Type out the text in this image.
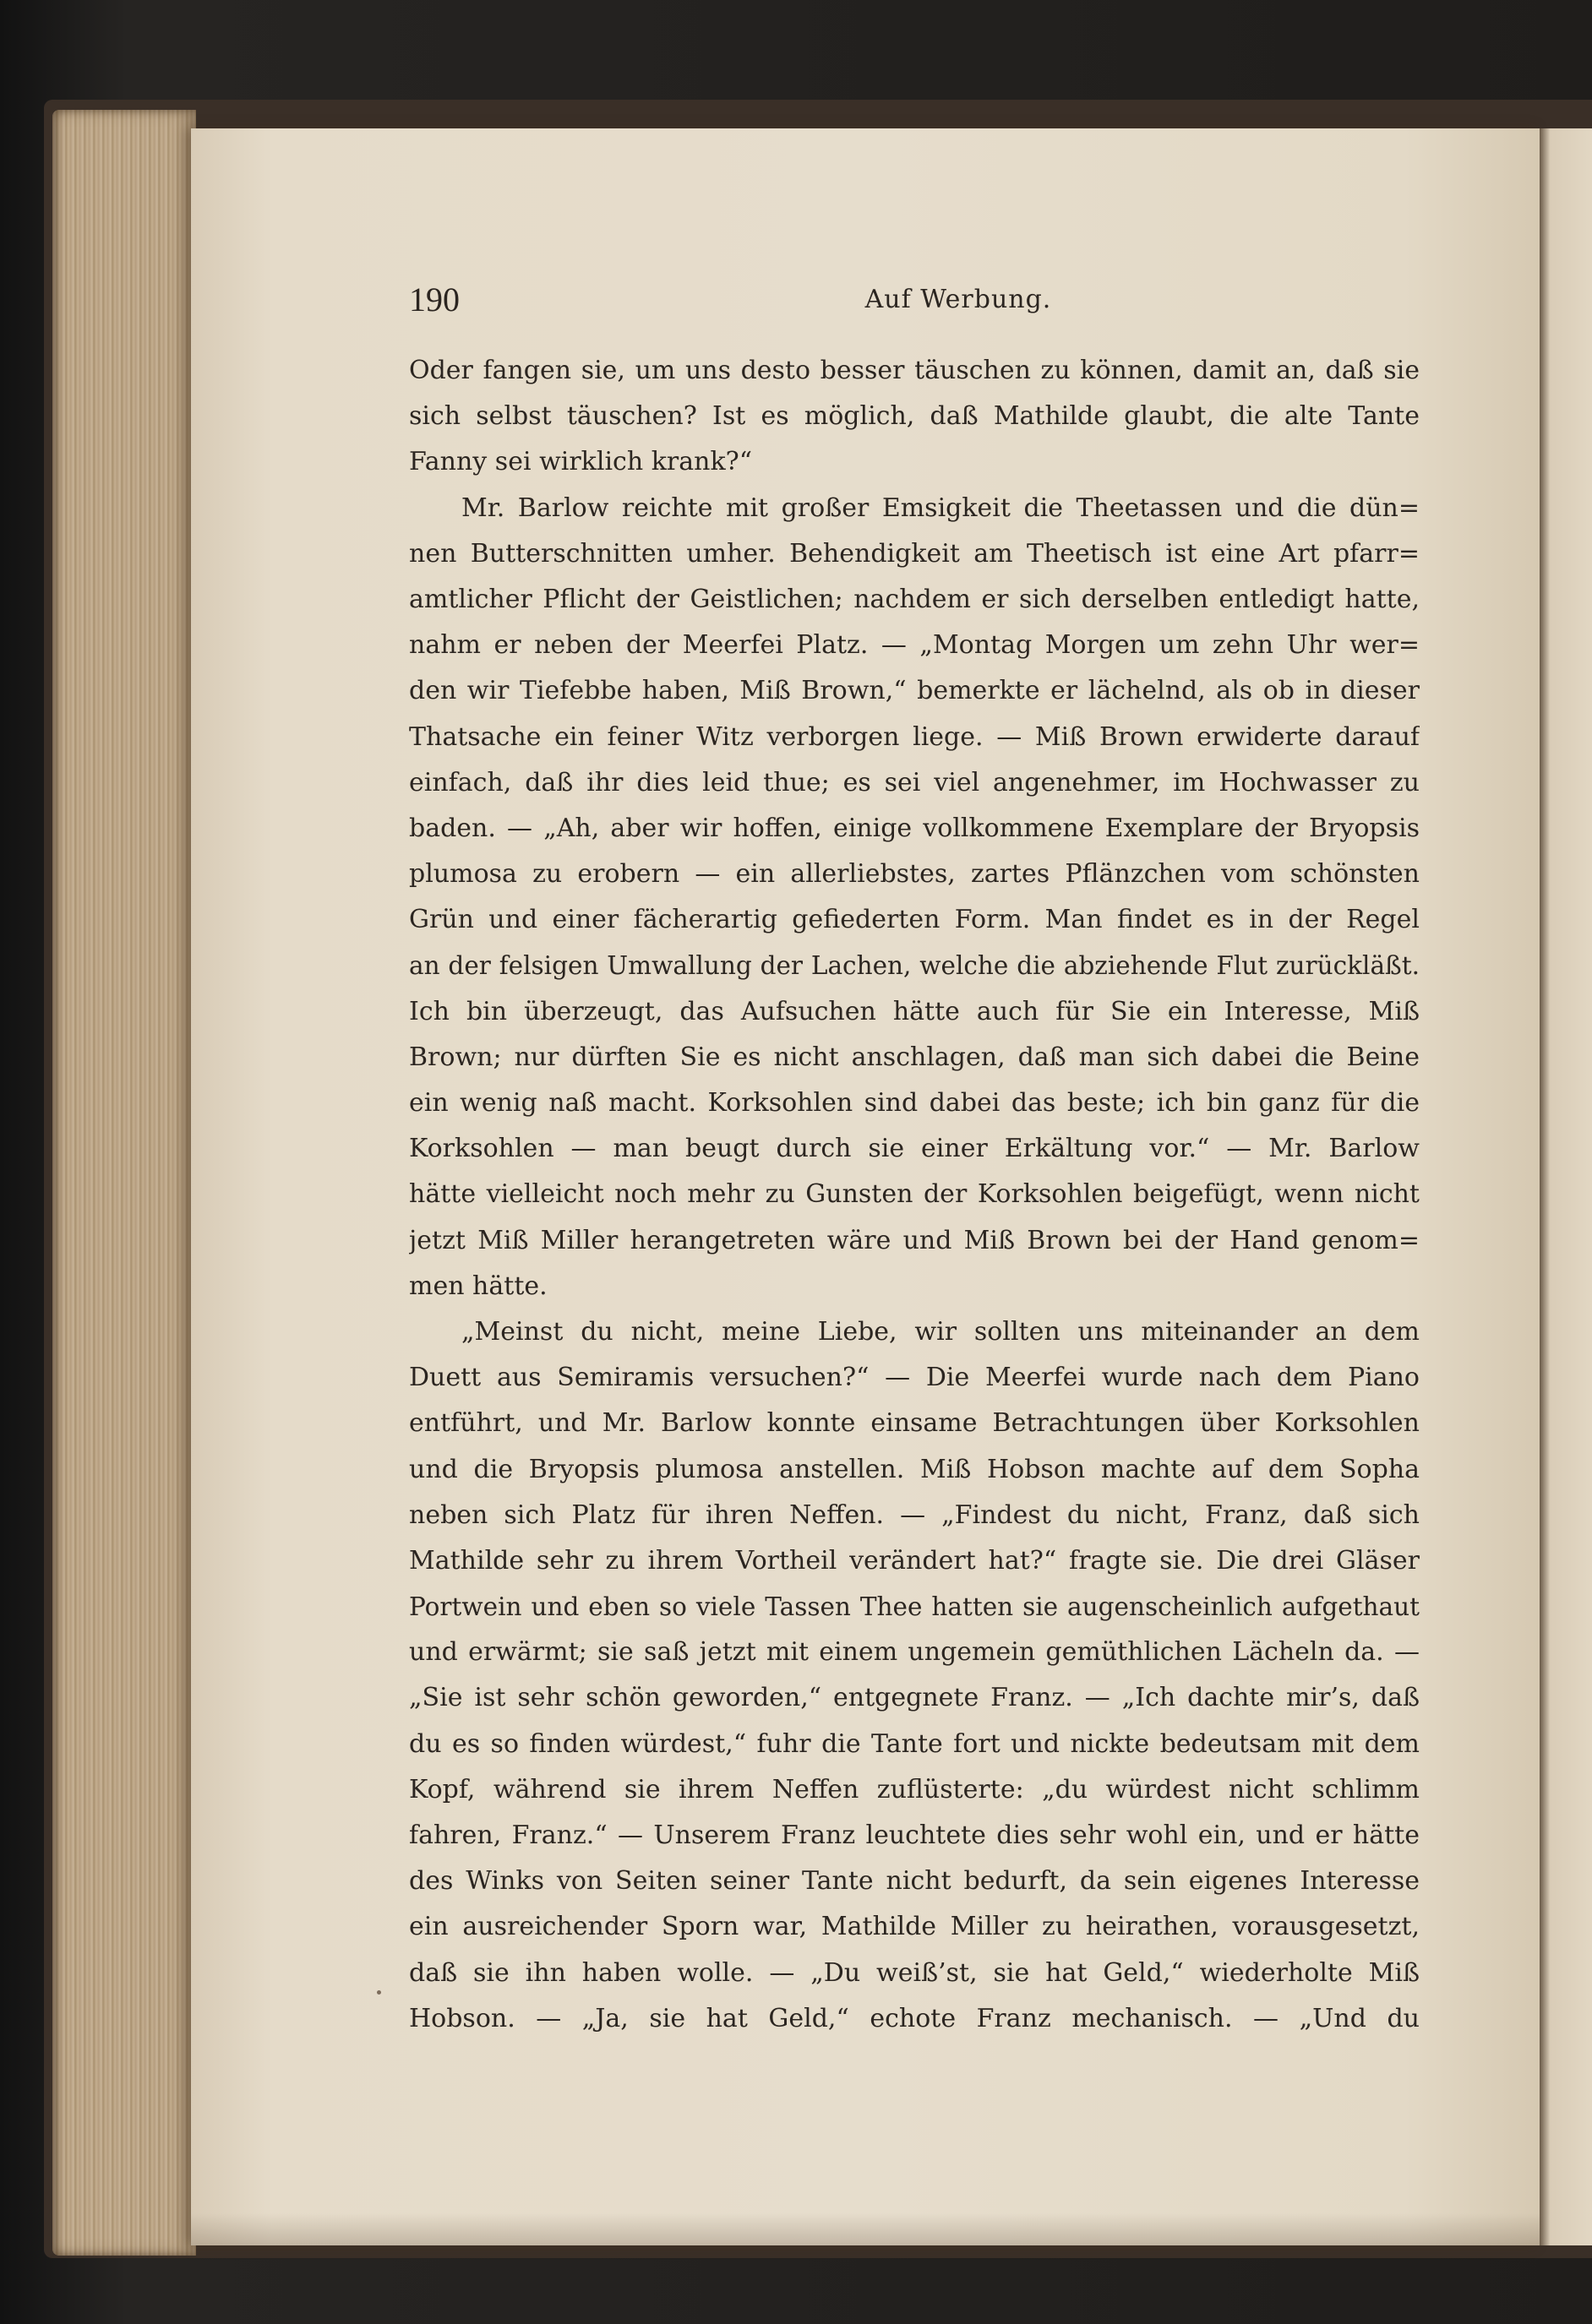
190	Auf Werbung.
Oder fangen sie, um uns desto besser täuschen zu können, damit an, daß sie
sich selbst täuschen? Ist es möglich, daß Mathilde glaubt, die alte Tante
Fanny sei wirklich krank?“
Mr. Barlow reichte mit großer Emsigkeit die Theetassen und die dün=
nen Butterschnitten umher. Behendigkeit am Theetisch ist eine Art pfarr=
amtlicher Pflicht der Geistlichen; nachdem er sich derselben entledigt hatte,
nahm er neben der Meerfei Platz. — „Montag Morgen um zehn Uhr wer=
den wir Tiefebbe haben, Miß Brown,“ bemerkte er lächelnd, als ob in dieser
Thatsache ein feiner Witz verborgen liege. — Miß Brown erwiderte darauf
einfach, daß ihr dies leid thue; es sei viel angenehmer, im Hochwasser zu
baden. — „Ah, aber wir hoffen, einige vollkommene Exemplare der Bryopsis
plumosa zu erobern — ein allerliebstes, zartes Pflänzchen vom schönsten
Grün und einer fächerartig gefiederten Form. Man findet es in der Regel
an der felsigen Umwallung der Lachen, welche die abziehende Flut zurückläßt.
Ich bin überzeugt, das Aufsuchen hätte auch für Sie ein Interesse, Miß
Brown; nur dürften Sie es nicht anschlagen, daß man sich dabei die Beine
ein wenig naß macht. Korksohlen sind dabei das beste; ich bin ganz für die
Korksohlen — man beugt durch sie einer Erkältung vor.“ — Mr. Barlow
hätte vielleicht noch mehr zu Gunsten der Korksohlen beigefügt, wenn nicht
jetzt Miß Miller herangetreten wäre und Miß Brown bei der Hand genom=
men hätte.
„Meinst du nicht, meine Liebe, wir sollten uns miteinander an dem
Duett aus Semiramis versuchen?“ — Die Meerfei wurde nach dem Piano
entführt, und Mr. Barlow konnte einsame Betrachtungen über Korksohlen
und die Bryopsis plumosa anstellen. Miß Hobson machte auf dem Sopha
neben sich Platz für ihren Neffen. — „Findest du nicht, Franz, daß sich
Mathilde sehr zu ihrem Vortheil verändert hat?“ fragte sie. Die drei Gläser
Portwein und eben so viele Tassen Thee hatten sie augenscheinlich aufgethaut
und erwärmt; sie saß jetzt mit einem ungemein gemüthlichen Lächeln da. —
„Sie ist sehr schön geworden,“ entgegnete Franz. — „Ich dachte mir’s, daß
du es so finden würdest,“ fuhr die Tante fort und nickte bedeutsam mit dem
Kopf, während sie ihrem Neffen zuflüsterte: „du würdest nicht schlimm
fahren, Franz.“ — Unserem Franz leuchtete dies sehr wohl ein, und er hätte
des Winks von Seiten seiner Tante nicht bedurft, da sein eigenes Interesse
ein ausreichender Sporn war, Mathilde Miller zu heirathen, vorausgesetzt,
daß sie ihn haben wolle. — „Du weiß’st, sie hat Geld,“ wiederholte Miß
Hobson. — „Ja, sie hat Geld,“ echote Franz mechanisch. — „Und du
